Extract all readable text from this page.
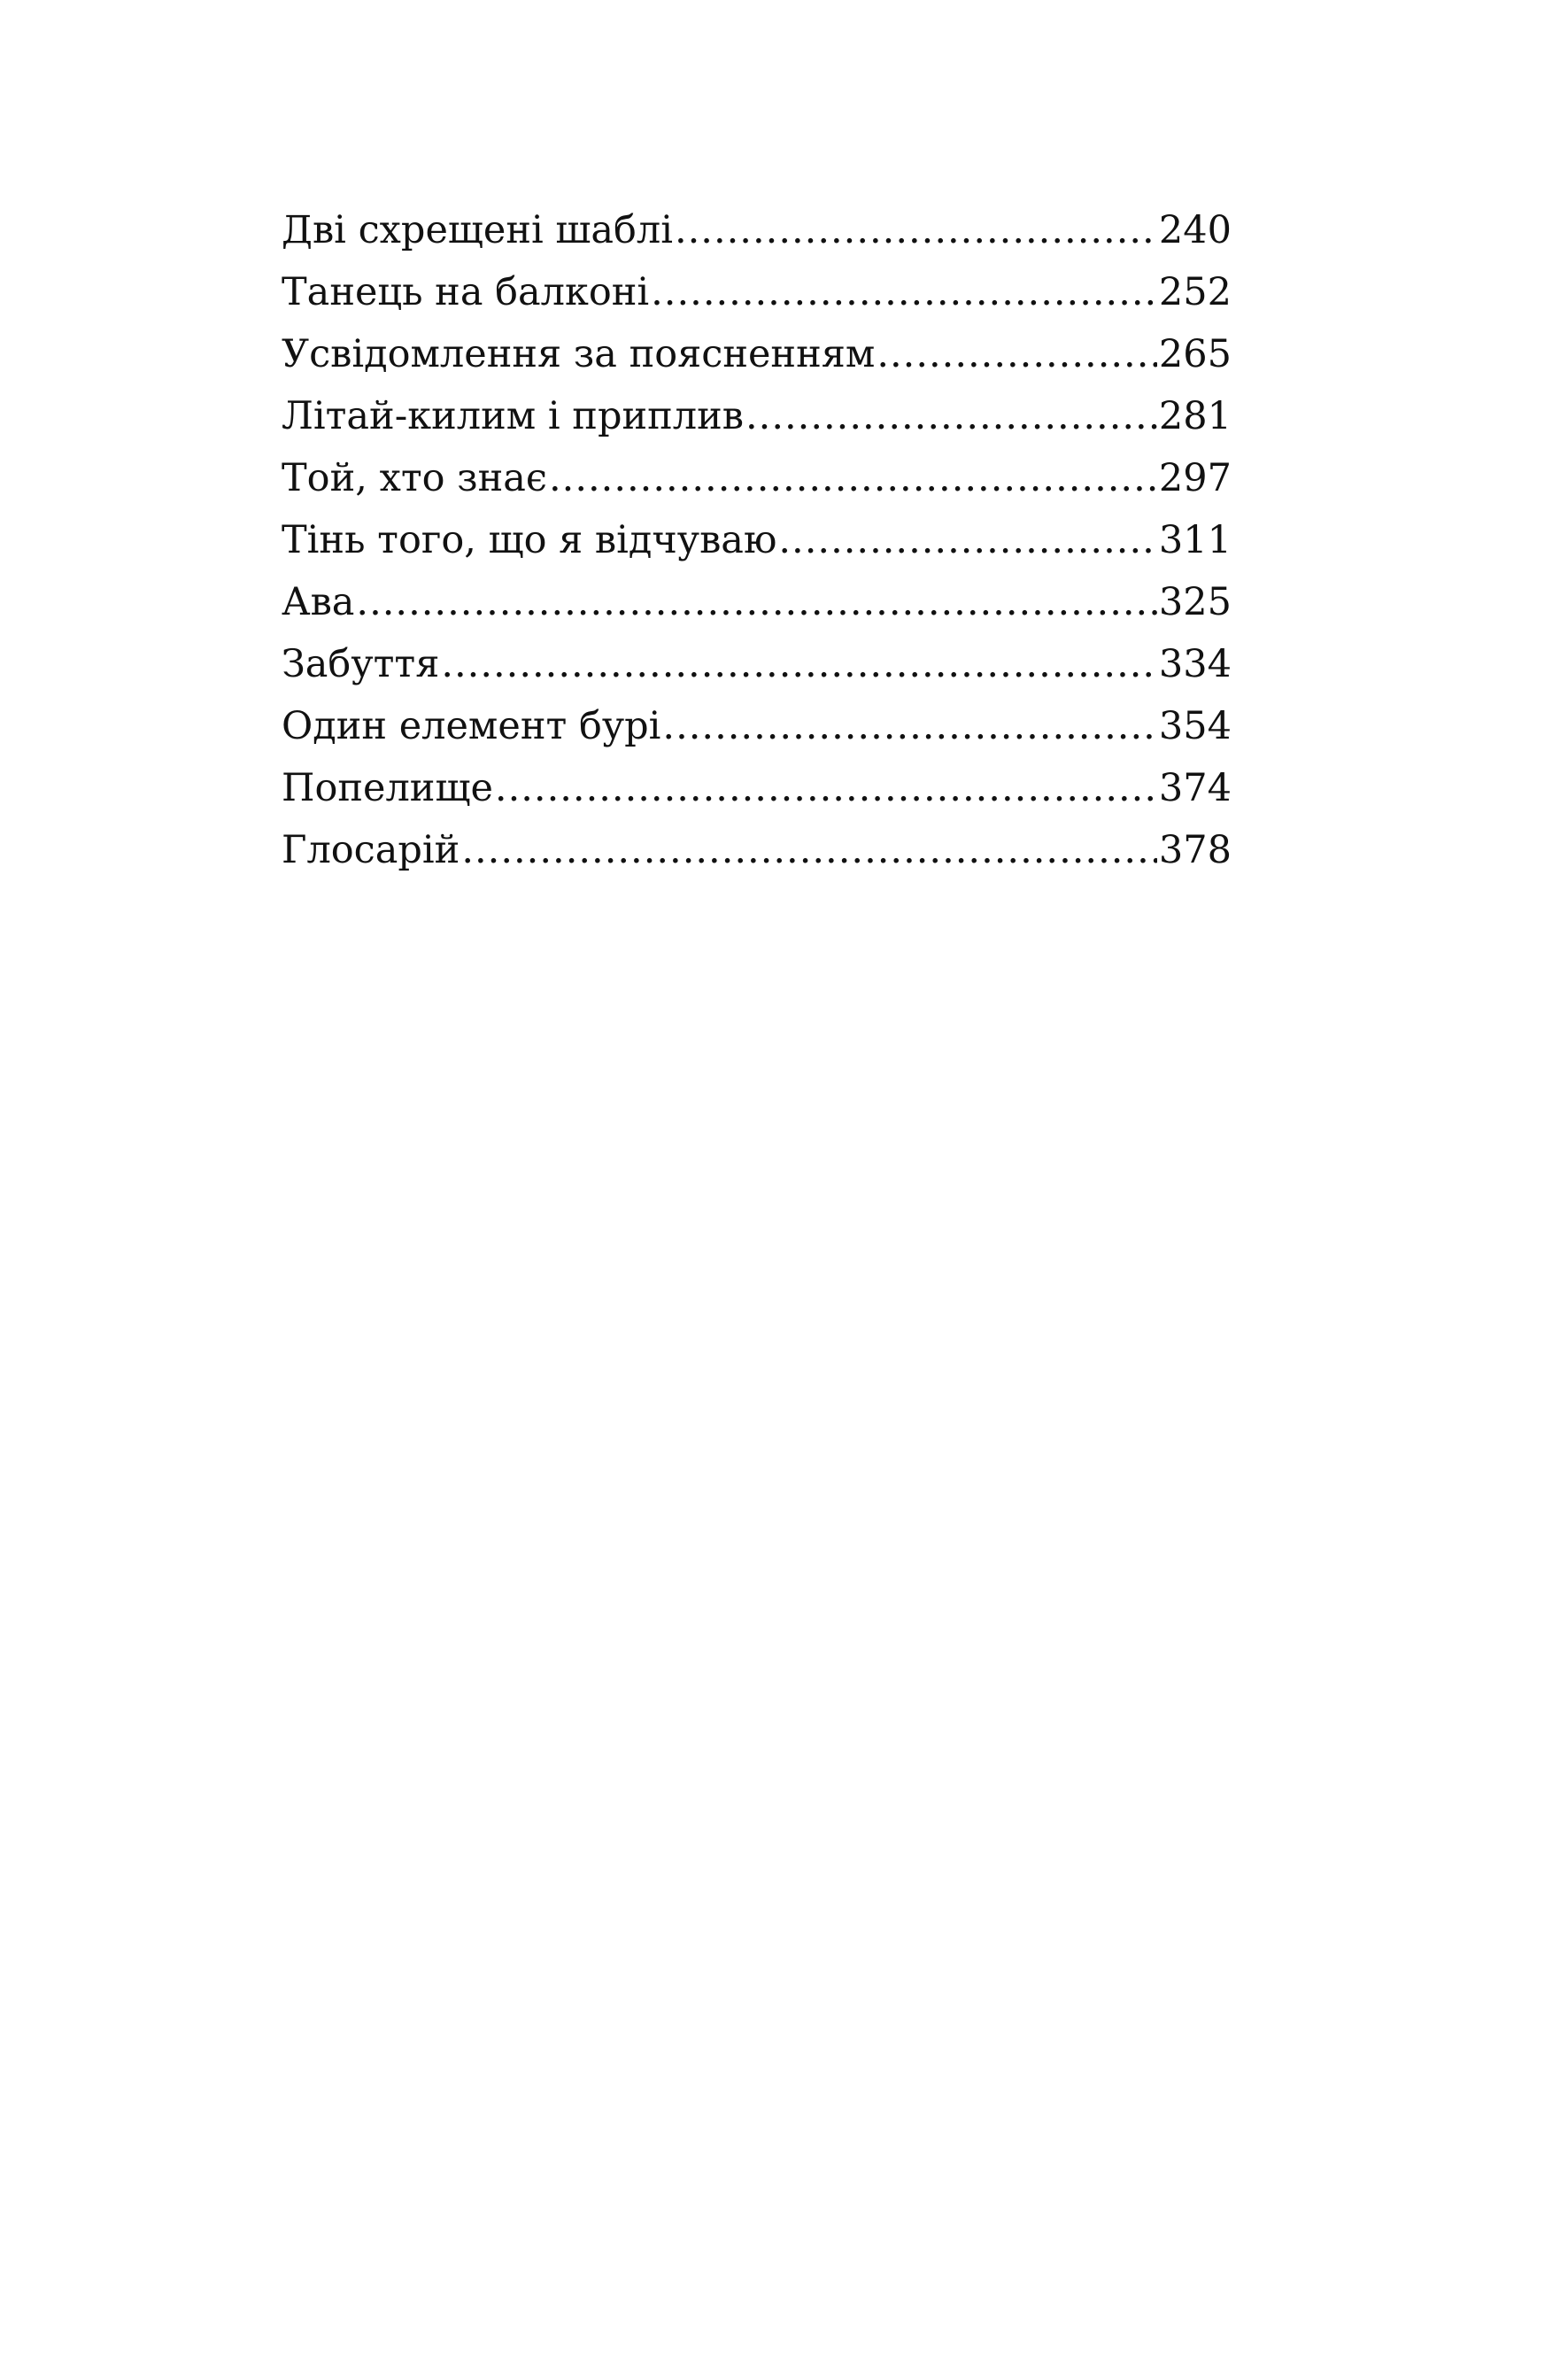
Дві схрещені шаблі .....	240
Танець на балконі .....	252
Усвідомлення за поясненням .....	265
Літай-килим і приплив .....	281
Той, хто знає .....	297
Тінь того, що я відчуваю .....	311
Ава .....	325
Забуття .....	334
Один елемент бурі .....	354
Попелище .....	374
Глосарій .....	378
